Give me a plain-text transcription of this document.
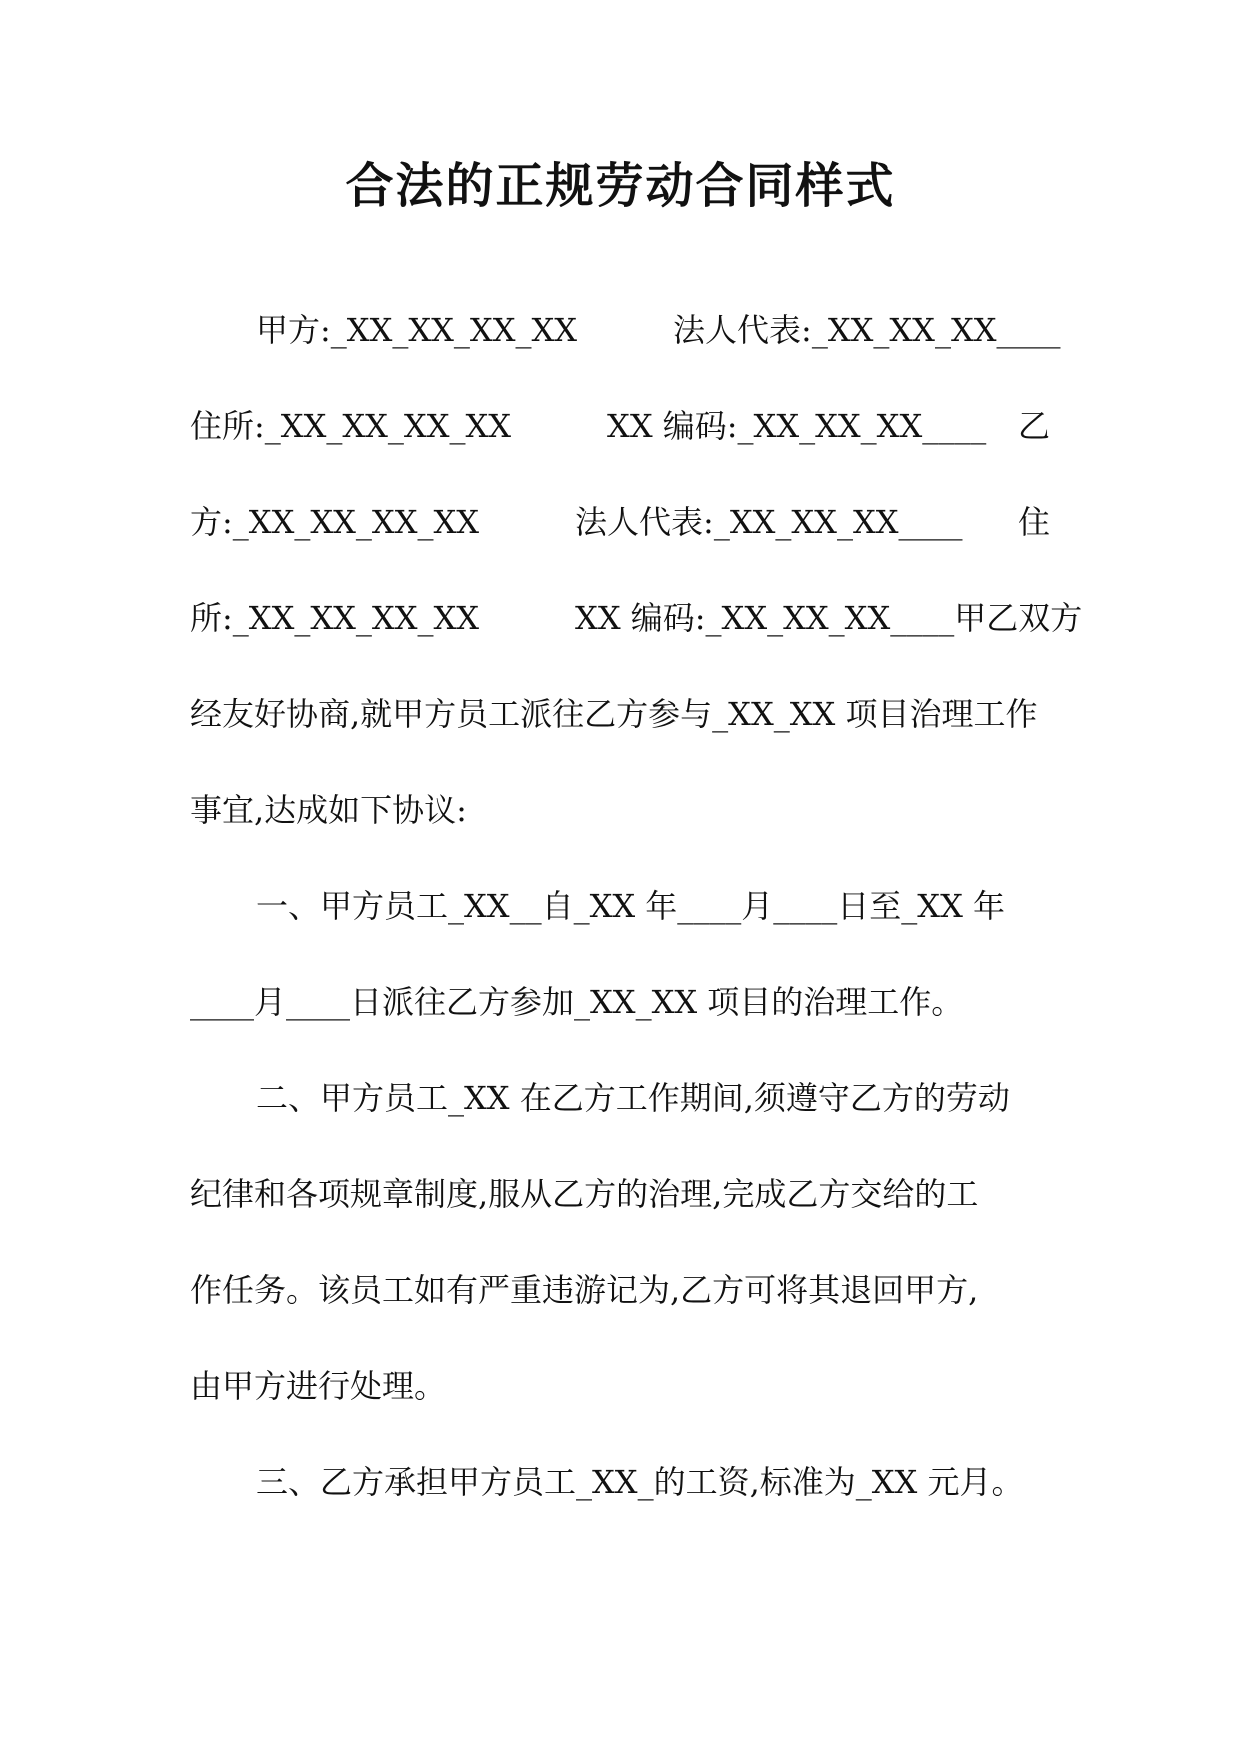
合法的正规劳动合同样式
甲方:_XX_XX_XX_XX　　　法人代表:_XX_XX_XX____
住所:_XX_XX_XX_XX　　　XX 编码:_XX_XX_XX____ 乙
方:_XX_XX_XX_XX　　　法人代表:_XX_XX_XX____ 住
所:_XX_XX_XX_XX　　　XX 编码:_XX_XX_XX____ 甲乙双方
经友好协商,就甲方员工派往乙方参与_XX_XX 项目治理工作
事宜,达成如下协议:
一、甲方员工_XX__自_XX 年____月____日至_XX 年
____月____日派往乙方参加_XX_XX 项目的治理工作。
二、甲方员工_XX 在乙方工作期间,须遵守乙方的劳动
纪律和各项规章制度,服从乙方的治理,完成乙方交给的工
作任务。该员工如有严重违游记为,乙方可将其退回甲方,
由甲方进行处理。
三、乙方承担甲方员工_XX_的工资,标准为_XX 元月。
